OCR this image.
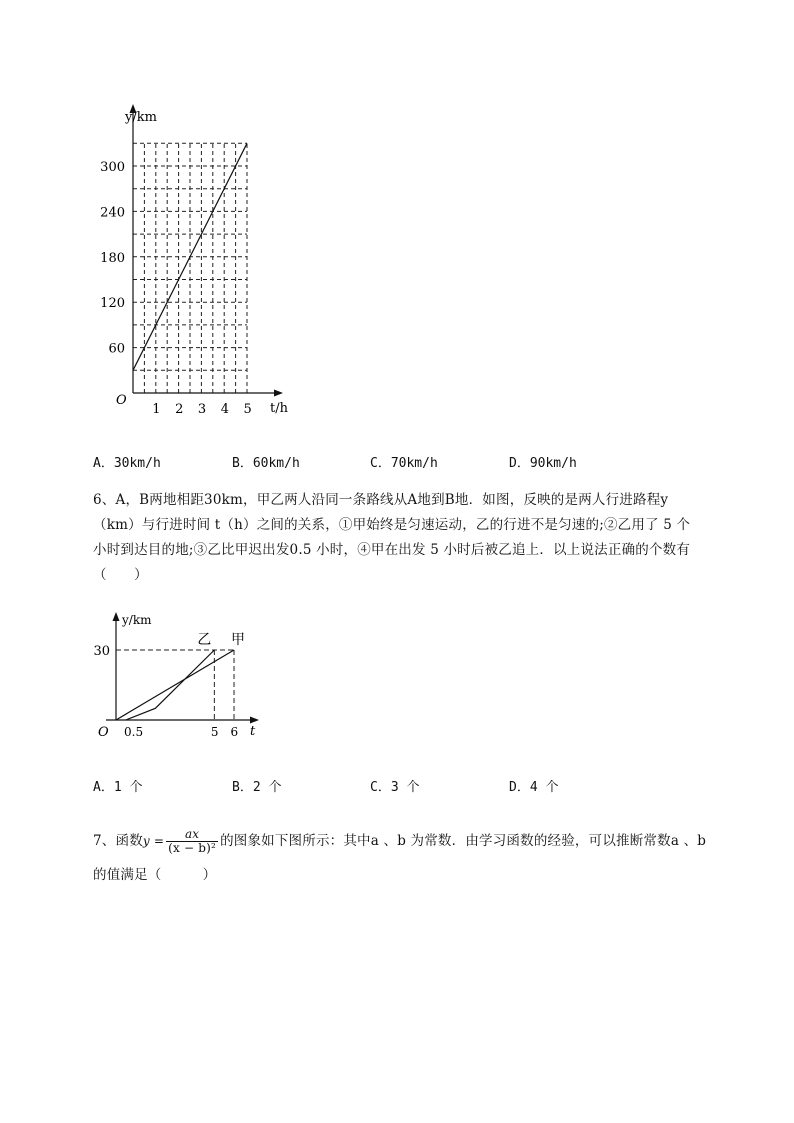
1 2 3 4 5
60
120
180
240
300
y/km
t/h
O
A．30km/h	B．60km/h	C．70km/h	D．90km/h
6、A，B两地相距30km，甲乙两人沿同一条路线从A地到B地．如图，反映的是两人行进路程y
（km）与行进时间 t（h）之间的关系，①甲始终是匀速运动，乙的行进不是匀速的;②乙用了 5 个
小时到达目的地;③乙比甲迟出发0.5 小时，④甲在出发 5 小时后被乙追上．以上说法正确的个数有
（　　）
30
0.5	5 6
甲
乙
y/km
t
O
A．1 个	B．2 个	C．3 个	D．4 个
7、函数$y = \frac{ax}{\text{(x − b)²}}$ 的图象如下图所示：其中a 、b 为常数．由学习函数的经验，可以推断常数a 、b
的值满足（　　　）
